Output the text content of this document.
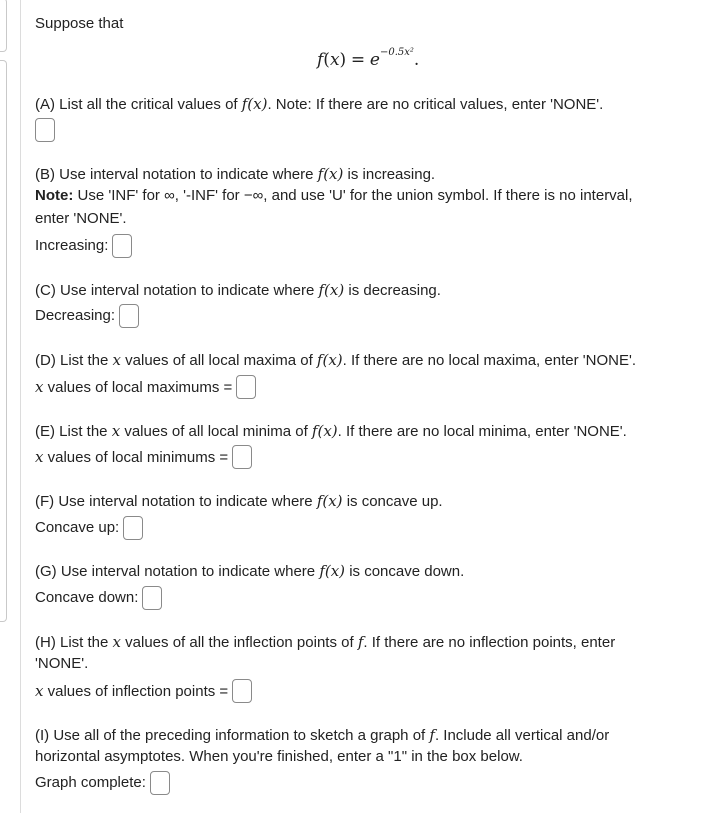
Suppose that
$f(x) = e^{-0.5x^2}$.
(A) List all the critical values of f(x). Note: If there are no critical values, enter 'NONE'.
(B) Use interval notation to indicate where f(x) is increasing.
Note: Use 'INF' for ∞, '-INF' for −∞, and use 'U' for the union symbol. If there is no interval,
enter 'NONE'.
Increasing:
(C) Use interval notation to indicate where f(x) is decreasing.
Decreasing:
(D) List the x values of all local maxima of f(x). If there are no local maxima, enter 'NONE'.
x values of local maximums =
(E) List the x values of all local minima of f(x). If there are no local minima, enter 'NONE'.
x values of local minimums =
(F) Use interval notation to indicate where f(x) is concave up.
Concave up:
(G) Use interval notation to indicate where f(x) is concave down.
Concave down:
(H) List the x values of all the inflection points of f. If there are no inflection points, enter
'NONE'.
x values of inflection points =
(I) Use all of the preceding information to sketch a graph of f. Include all vertical and/or
horizontal asymptotes. When you're finished, enter a "1" in the box below.
Graph complete:
